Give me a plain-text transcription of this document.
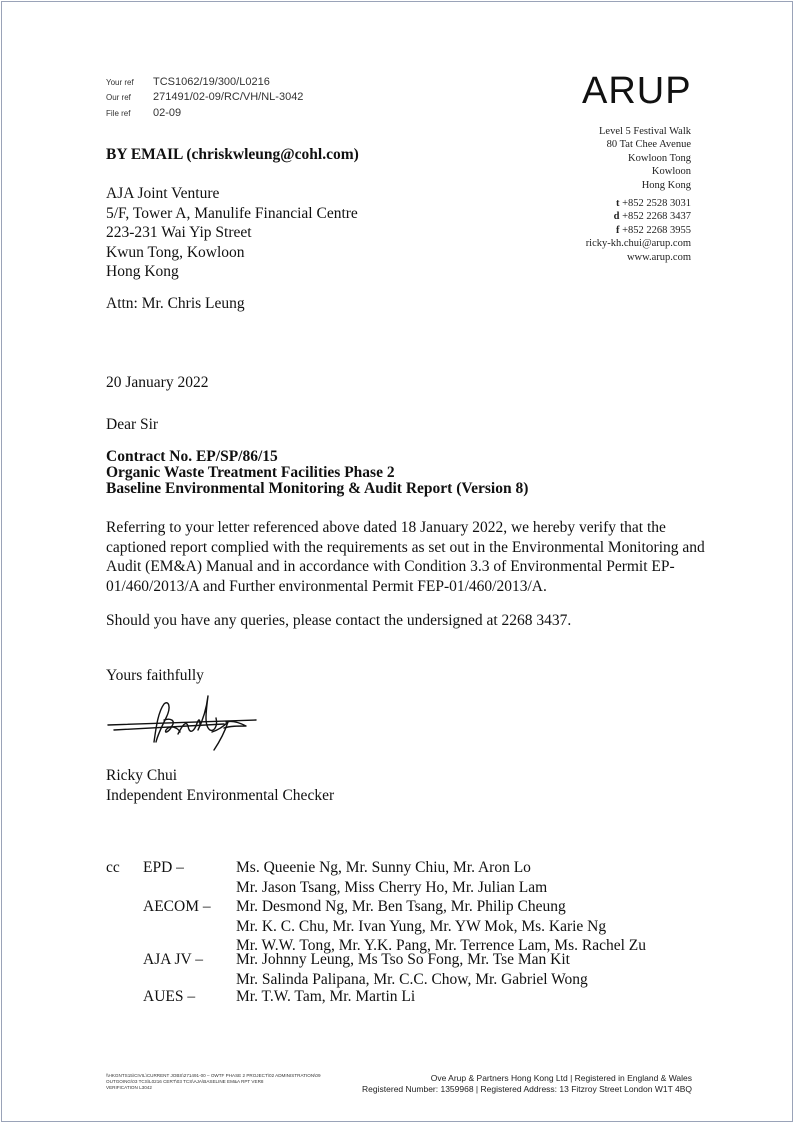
Your ref	TCS1062/19/300/L0216
Our ref	271491/02-09/RC/VH/NL-3042
File ref	02-09
ARUP
Level 5 Festival Walk
80 Tat Chee Avenue
Kowloon Tong
Kowloon
Hong Kong
t +852 2528 3031
d +852 2268 3437
f +852 2268 3955
ricky-kh.chui@arup.com
www.arup.com
BY EMAIL (chriskwleung@cohl.com)
AJA Joint Venture
5/F, Tower A, Manulife Financial Centre
223-231 Wai Yip Street
Kwun Tong, Kowloon
Hong Kong
Attn: Mr. Chris Leung
20 January 2022
Dear Sir
Contract No. EP/SP/86/15
Organic Waste Treatment Facilities Phase 2
Baseline Environmental Monitoring & Audit Report (Version 8)
Referring to your letter referenced above dated 18 January 2022, we hereby verify that the captioned report complied with the requirements as set out in the Environmental Monitoring and Audit (EM&A) Manual and in accordance with Condition 3.3 of Environmental Permit EP-01/460/2013/A and Further environmental Permit FEP-01/460/2013/A.
Should you have any queries, please contact the undersigned at 2268 3437.
Yours faithfully
Ricky Chui
Independent Environmental Checker
cc EPD –	Ms. Queenie Ng, Mr. Sunny Chiu, Mr. Aron Lo
Mr. Jason Tsang, Miss Cherry Ho, Mr. Julian Lam
AECOM – Mr. Desmond Ng, Mr. Ben Tsang, Mr. Philip Cheung
Mr. K. C. Chu, Mr. Ivan Yung, Mr. YW Mok, Ms. Karie Ng
Mr. W.W. Tong, Mr. Y.K. Pang, Mr. Terrence Lam, Ms. Rachel Zu
AJA JV – Mr. Johnny Leung, Ms Tso So Fong, Mr. Tse Man Kit
Mr. Salinda Palipana, Mr. C.C. Chow, Mr. Gabriel Wong
AUES –	Mr. T.W. Tam, Mr. Martin Li
\\HKGNTS15\CIVIL\CURRENT JOBS\271491-00 – OWTF PHASE 2 PROJECT\02 ADMINISTRATION\09
OUTGOING\03 TCS\L0216 CERT\03 TCS\AJA\BASELINE EM&A RPT VER8
VERIFICATION L3042
Ove Arup & Partners Hong Kong Ltd | Registered in England & Wales
Registered Number: 1359968 | Registered Address: 13 Fitzroy Street London W1T 4BQ
